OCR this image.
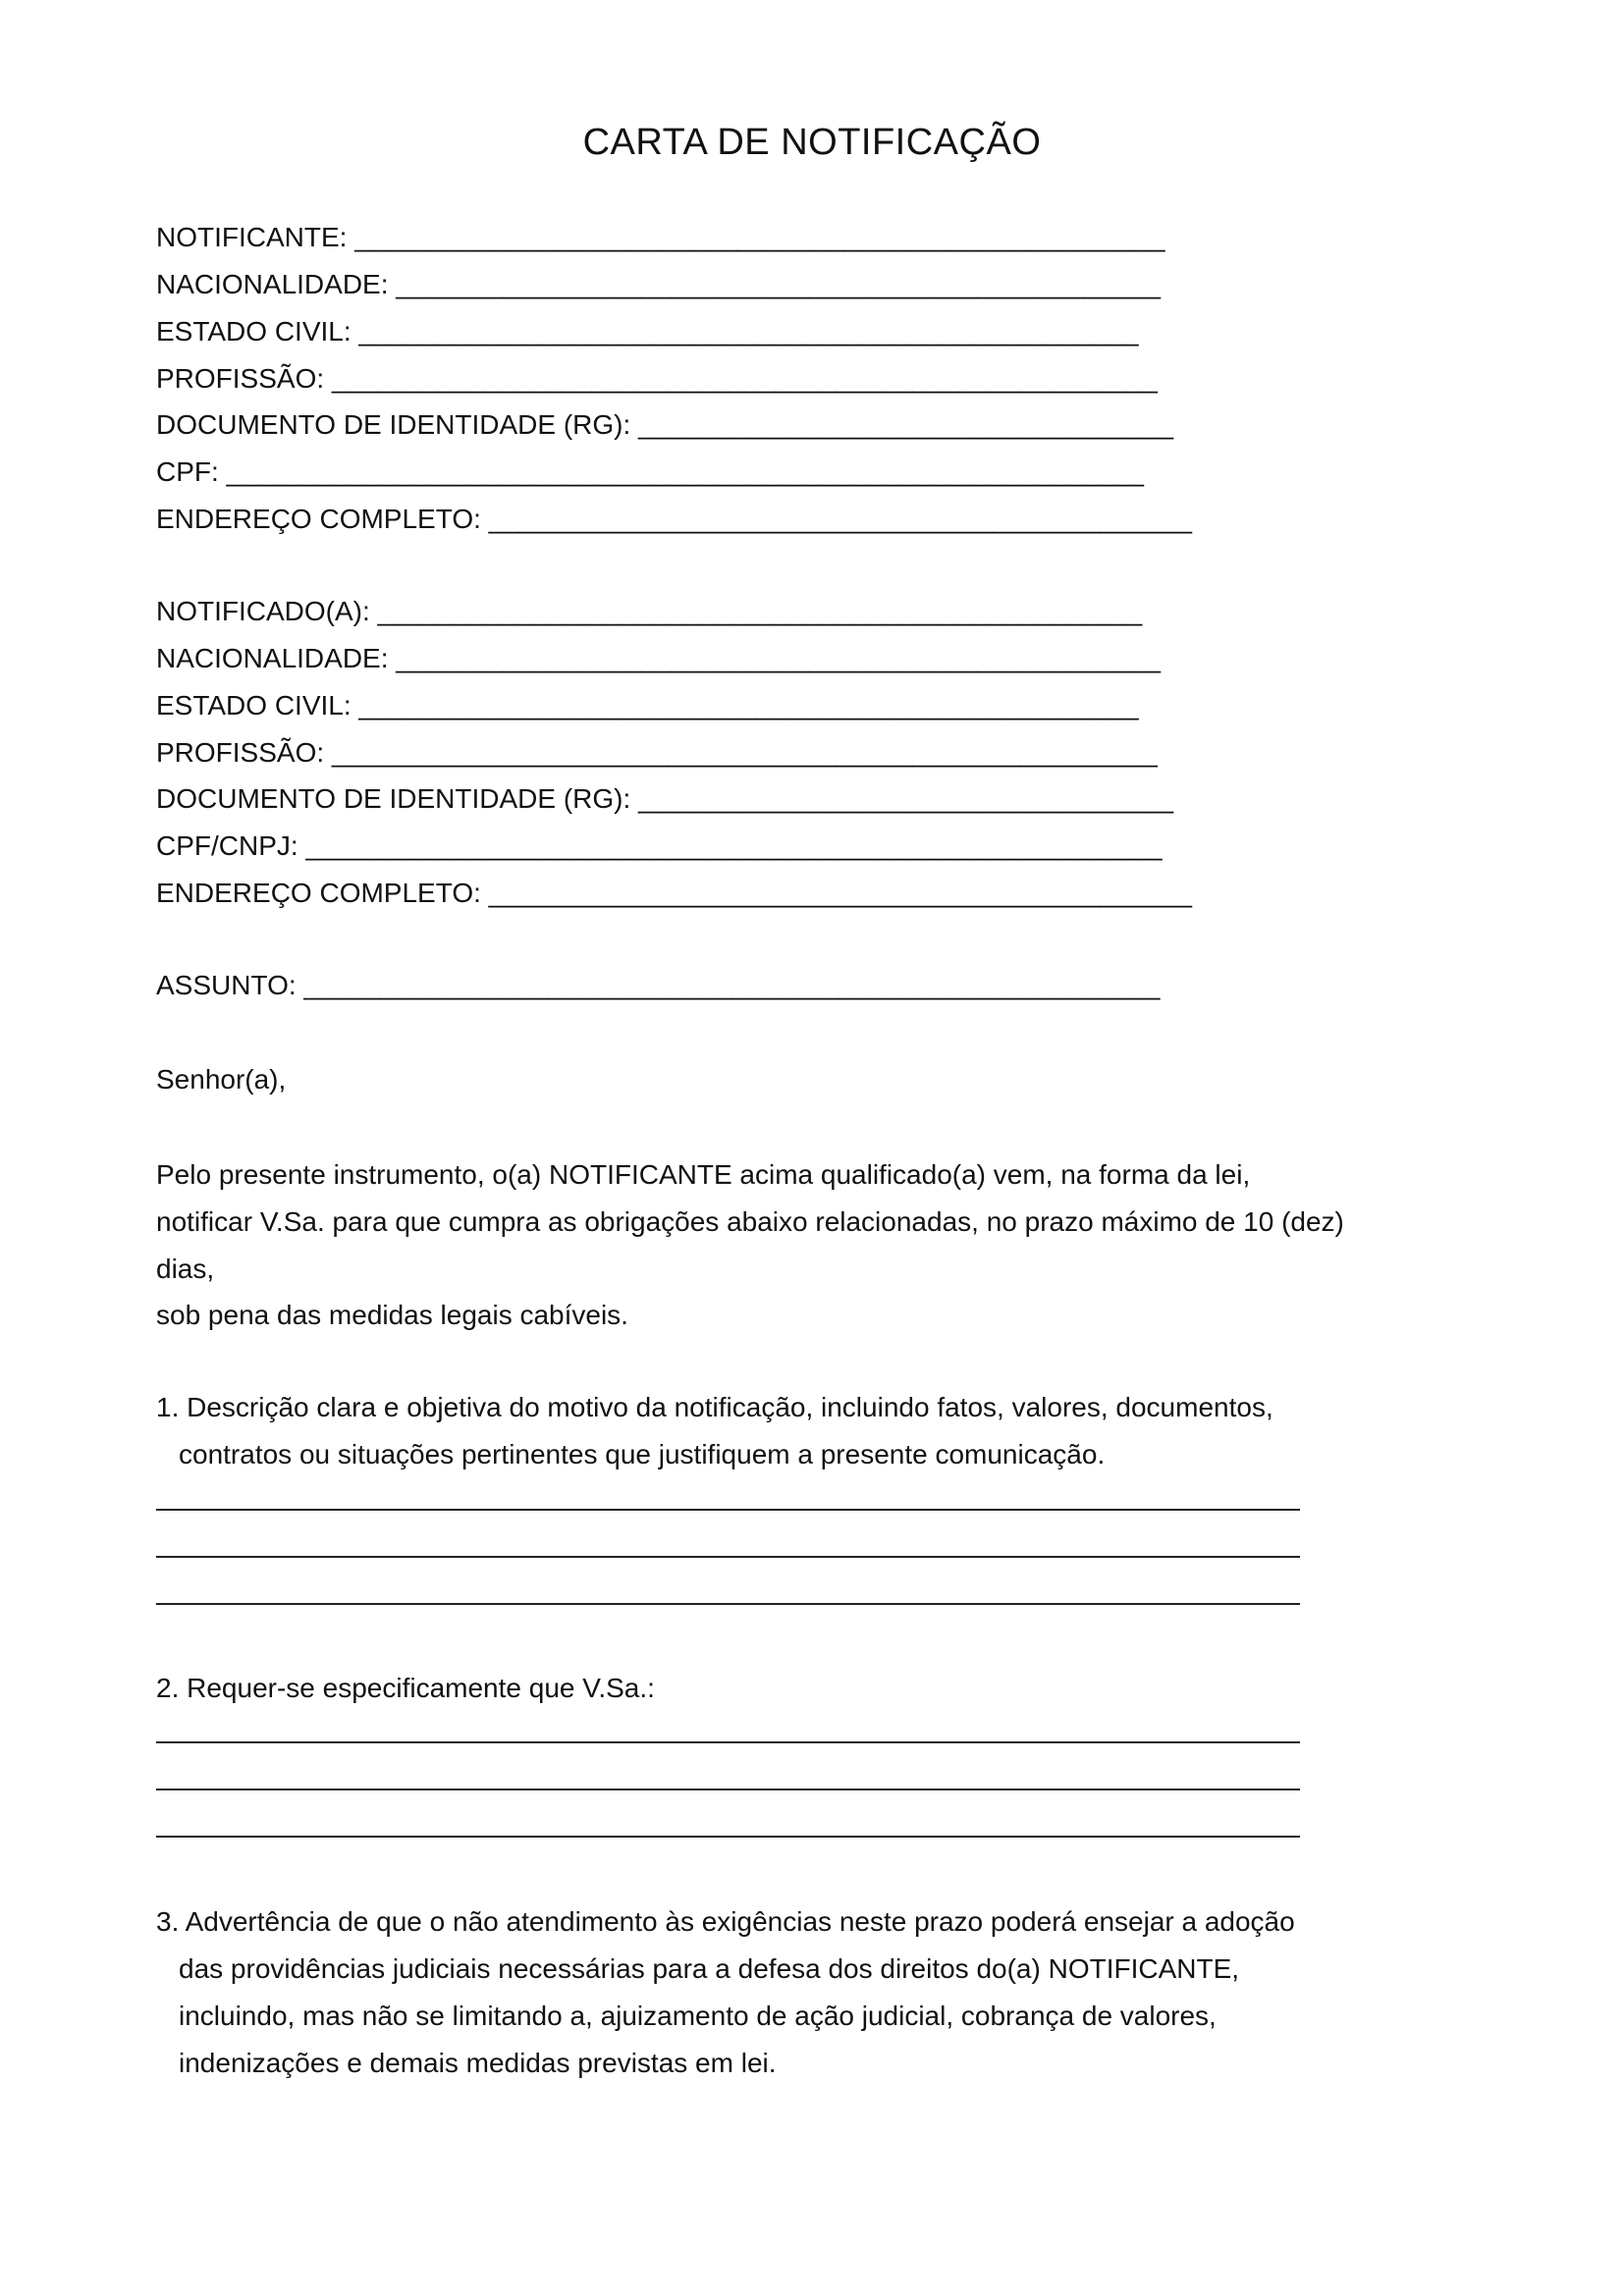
CARTA DE NOTIFICAÇÃO
NOTIFICANTE: _____________________________________________________
NACIONALIDADE: __________________________________________________
ESTADO CIVIL: ___________________________________________________
PROFISSÃO: ______________________________________________________
DOCUMENTO DE IDENTIDADE (RG): ___________________________________
CPF: ____________________________________________________________
ENDEREÇO COMPLETO: ______________________________________________
NOTIFICADO(A): __________________________________________________
NACIONALIDADE: __________________________________________________
ESTADO CIVIL: ___________________________________________________
PROFISSÃO: ______________________________________________________
DOCUMENTO DE IDENTIDADE (RG): ___________________________________
CPF/CNPJ: ________________________________________________________
ENDEREÇO COMPLETO: ______________________________________________
ASSUNTO: ________________________________________________________
Senhor(a),
Pelo presente instrumento, o(a) NOTIFICANTE acima qualificado(a) vem, na forma da lei,
notificar V.Sa. para que cumpra as obrigações abaixo relacionadas, no prazo máximo de 10 (dez)
dias,
sob pena das medidas legais cabíveis.
1. Descrição clara e objetiva do motivo da notificação, incluindo fatos, valores, documentos,
contratos ou situações pertinentes que justifiquem a presente comunicação.
2. Requer-se especificamente que V.Sa.:
3. Advertência de que o não atendimento às exigências neste prazo poderá ensejar a adoção
das providências judiciais necessárias para a defesa dos direitos do(a) NOTIFICANTE,
incluindo, mas não se limitando a, ajuizamento de ação judicial, cobrança de valores,
indenizações e demais medidas previstas em lei.
